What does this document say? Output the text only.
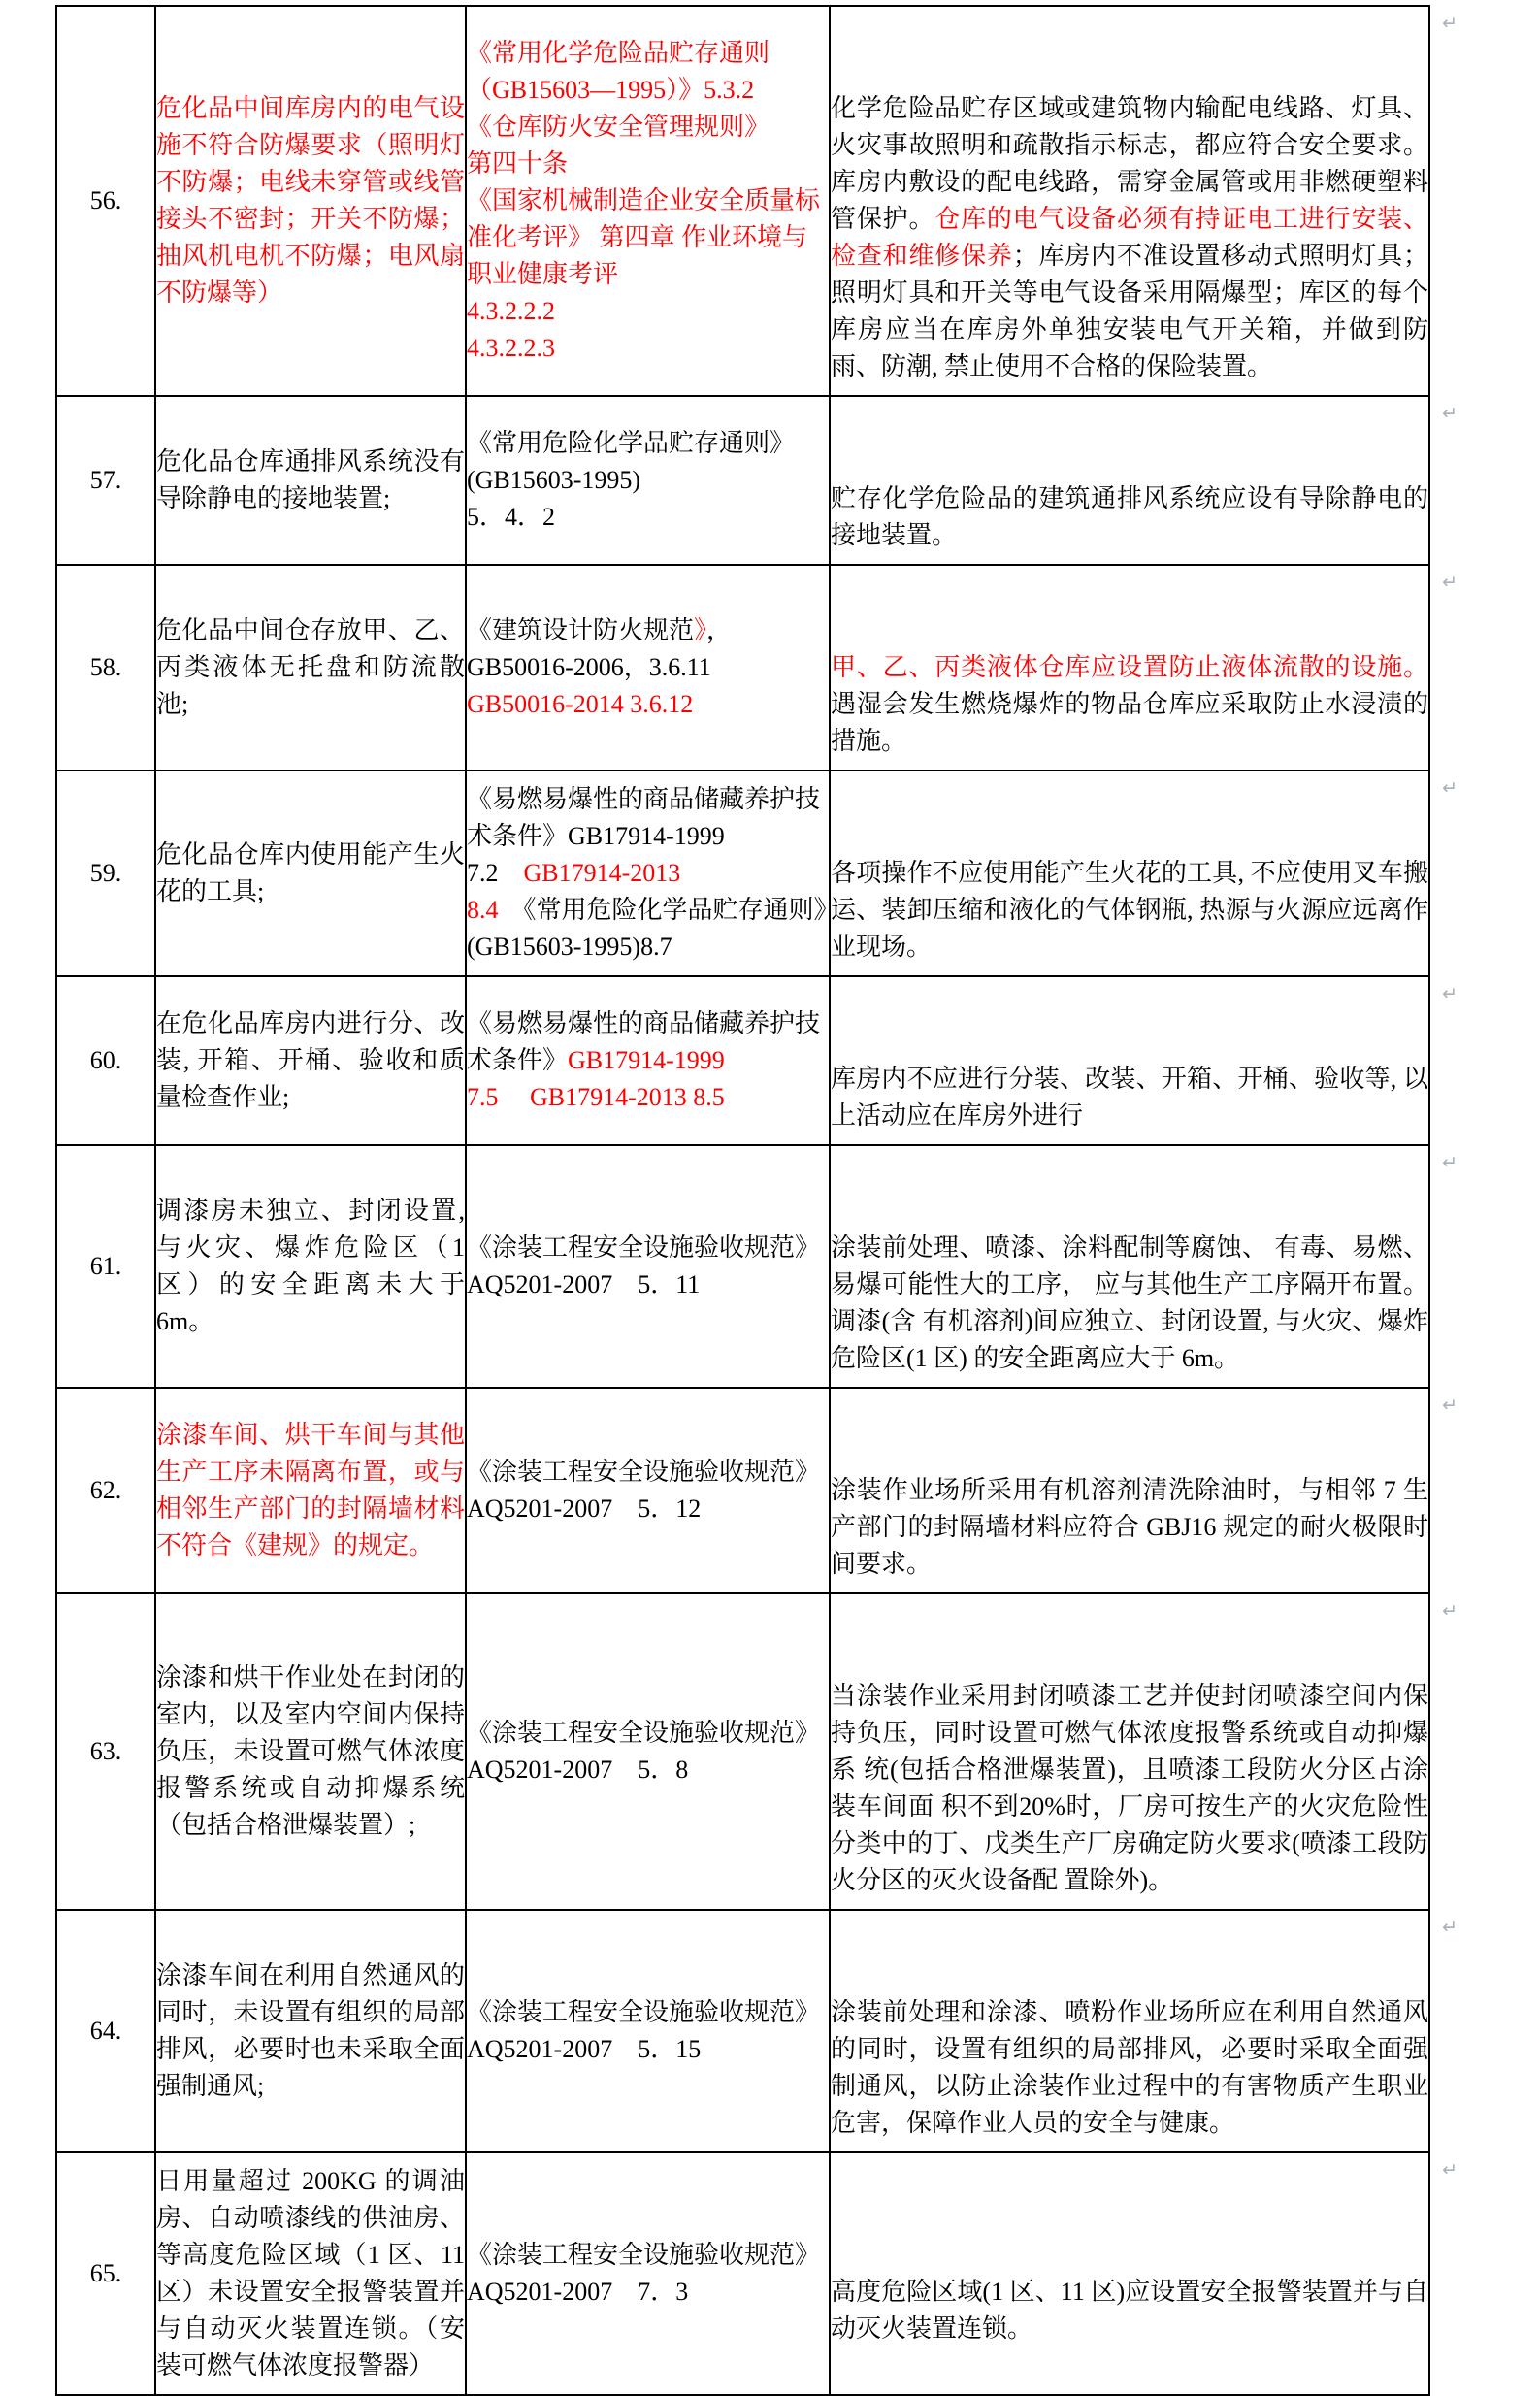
56.	危化品中间库房内的电气设施不符合防爆要求（照明灯不防爆；电线未穿管或线管接头不密封；开关不防爆；抽风机电机不防爆；电风扇不防爆等）	《常用化学危险品贮存通则
（GB15603—1995）》5.3.2
《仓库防火安全管理规则》
第四十条
《国家机械制造企业安全质量标准化考评》 第四章 作业环境与职业健康考评
4.3.2.2.2
4.3.2.2.3	

↵

化学危险品贮存区域或建筑物内输配电线路、灯具、火灾事故照明和疏散指示标志，都应符合安全要求。库房内敷设的配电线路，需穿金属管或用非燃硬塑料管保护。仓库的电气设备必须有持证电工进行安装、检查和维修保养；库房内不准设置移动式照明灯具；照明灯具和开关等电气设备采用隔爆型；库区的每个库房应当在库房外单独安装电气开关箱，并做到防雨、防潮, 禁止使用不合格的保险装置。
57.	危化品仓库通排风系统没有导除静电的接地装置;	《常用危险化学品贮存通则》(GB15603-1995)
5．4．2	↵

贮存化学危险品的建筑通排风系统应设有导除静电的接地装置。
58.	危化品中间仓存放甲、乙、丙类液体无托盘和防流散池;	《建筑设计防火规范》，
GB50016-2006，3.6.11
GB50016-2014 3.6.12	↵

甲、乙、丙类液体仓库应设置防止液体流散的设施。遇湿会发生燃烧爆炸的物品仓库应采取防止水浸渍的措施。
59.	危化品仓库内使用能产生火花的工具;	《易燃易爆性的商品储藏养护技术条件》GB17914-1999
7.2　GB17914-2013
8.4　《常用危险化学品贮存通则》(GB15603-1995)8.7	↵

各项操作不应使用能产生火花的工具, 不应使用叉车搬运、装卸压缩和液化的气体钢瓶, 热源与火源应远离作业现场。
60.	在危化品库房内进行分、改装, 开箱、开桶、验收和质量检查作业;	《易燃易爆性的商品储藏养护技术条件》GB17914-1999
7.5　 GB17914-2013 8.5	↵

库房内不应进行分装、改装、开箱、开桶、验收等, 以上活动应在库房外进行
61.	调漆房未独立、封闭设置, 与火灾、爆炸危险区（1 区）的安全距离未大于 6m。	《涂装工程安全设施验收规范》AQ5201-2007　5．11	↵

涂装前处理、喷漆、涂料配制等腐蚀、 有毒、易燃、易爆可能性大的工序， 应与其他生产工序隔开布置。调漆(含 有机溶剂)间应独立、封闭设置, 与火灾、爆炸危险区(1 区) 的安全距离应大于 6m。
62.	涂漆车间、烘干车间与其他生产工序未隔离布置，或与相邻生产部门的封隔墙材料不符合《建规》的规定。	《涂装工程安全设施验收规范》AQ5201-2007　5．12	↵

涂装作业场所采用有机溶剂清洗除油时，与相邻 7 生产部门的封隔墙材料应符合 GBJ16 规定的耐火极限时间要求。
63.	涂漆和烘干作业处在封闭的室内，以及室内空间内保持负压，未设置可燃气体浓度报警系统或自动抑爆系统（包括合格泄爆装置）;	《涂装工程安全设施验收规范》AQ5201-2007　5．8	↵

当涂装作业采用封闭喷漆工艺并使封闭喷漆空间内保持负压，同时设置可燃气体浓度报警系统或自动抑爆系 统(包括合格泄爆装置)，且喷漆工段防火分区占涂装车间面 积不到20%时，厂房可按生产的火灾危险性分类中的丁、戊类生产厂房确定防火要求(喷漆工段防火分区的灭火设备配 置除外)。
64.	涂漆车间在利用自然通风的同时，未设置有组织的局部排风，必要时也未采取全面强制通风;	《涂装工程安全设施验收规范》AQ5201-2007　5．15	↵

涂装前处理和涂漆、喷粉作业场所应在利用自然通风的同时，设置有组织的局部排风，必要时采取全面强制通风，以防止涂装作业过程中的有害物质产生职业危害，保障作业人员的安全与健康。
65.	日用量超过 200KG 的调油房、自动喷漆线的供油房、等高度危险区域（1 区、11 区）未设置安全报警装置并与自动灭火装置连锁。（安装可燃气体浓度报警器）	《涂装工程安全设施验收规范》AQ5201-2007　7．3	↵

高度危险区域(1 区、11 区)应设置安全报警装置并与自动灭火装置连锁。
